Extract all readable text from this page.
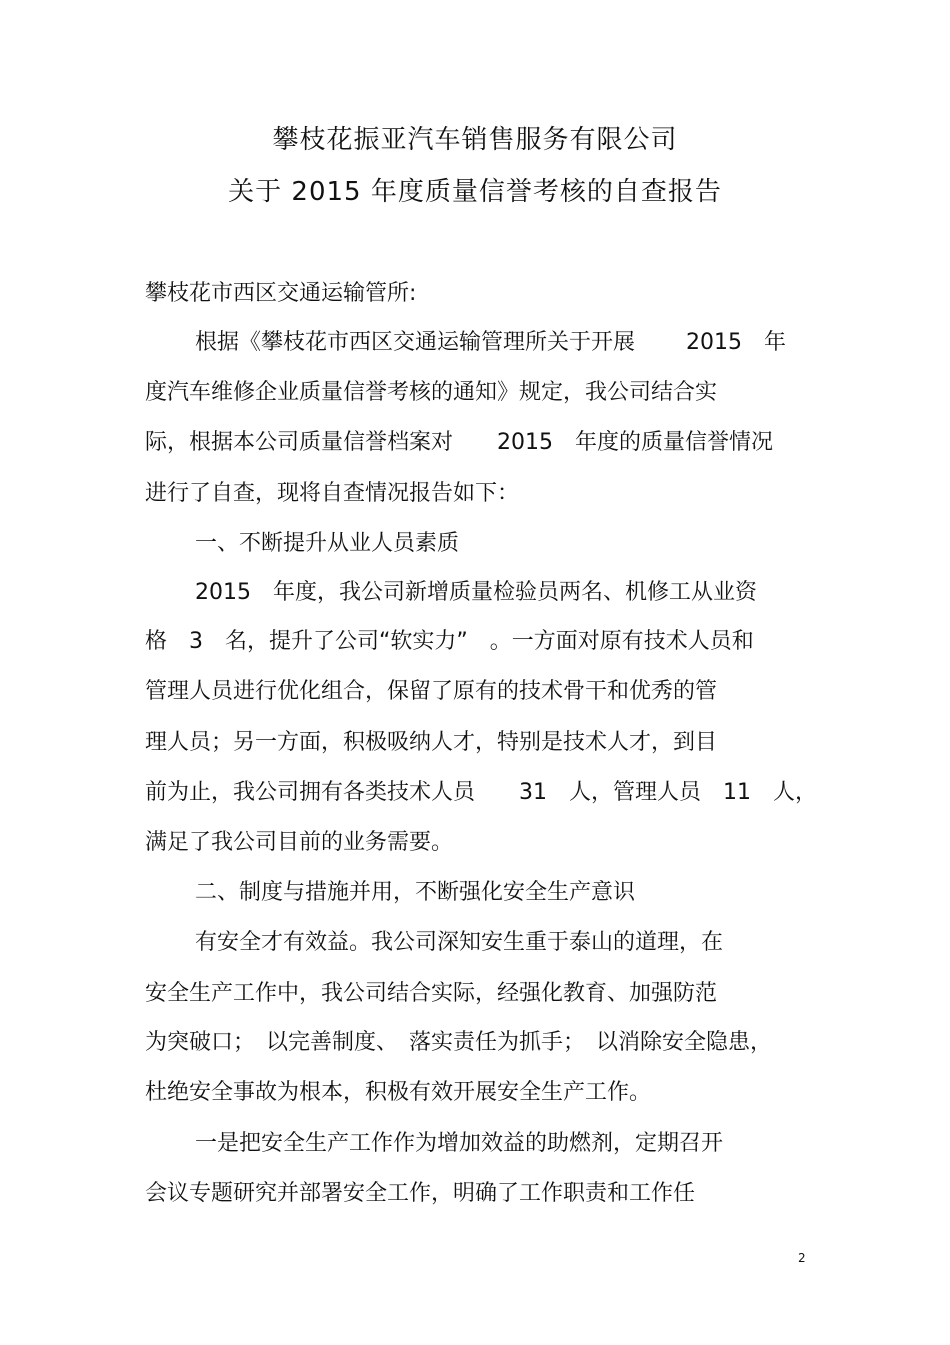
攀枝花振亚汽车销售服务有限公司
关于 2015 年度质量信誉考核的自查报告
攀枝花市西区交通运输管所:
根据《攀枝花市西区交通运输管理所关于开展　　 2015　年
度汽车维修企业质量信誉考核的通知》规定，我公司结合实
际，根据本公司质量信誉档案对　　2015　年度的质量信誉情况
进行了自查，现将自查情况报告如下：
一、不断提升从业人员素质
2015　年度，我公司新增质量检验员两名、机修工从业资
格　3　名，提升了公司“软实力”　。一方面对原有技术人员和
管理人员进行优化组合，保留了原有的技术骨干和优秀的管
理人员；另一方面，积极吸纳人才，特别是技术人才，到目
前为止，我公司拥有各类技术人员　　31　人，管理人员　11　人，
满足了我公司目前的业务需要。
二、制度与措施并用，不断强化安全生产意识
有安全才有效益。我公司深知安生重于泰山的道理，在
安全生产工作中，我公司结合实际，经强化教育、加强防范
为突破口；　以完善制度、　落实责任为抓手；　以消除安全隐患，
杜绝安全事故为根本，积极有效开展安全生产工作。
一是把安全生产工作作为增加效益的助燃剂，定期召开
会议专题研究并部署安全工作，明确了工作职责和工作任
2
